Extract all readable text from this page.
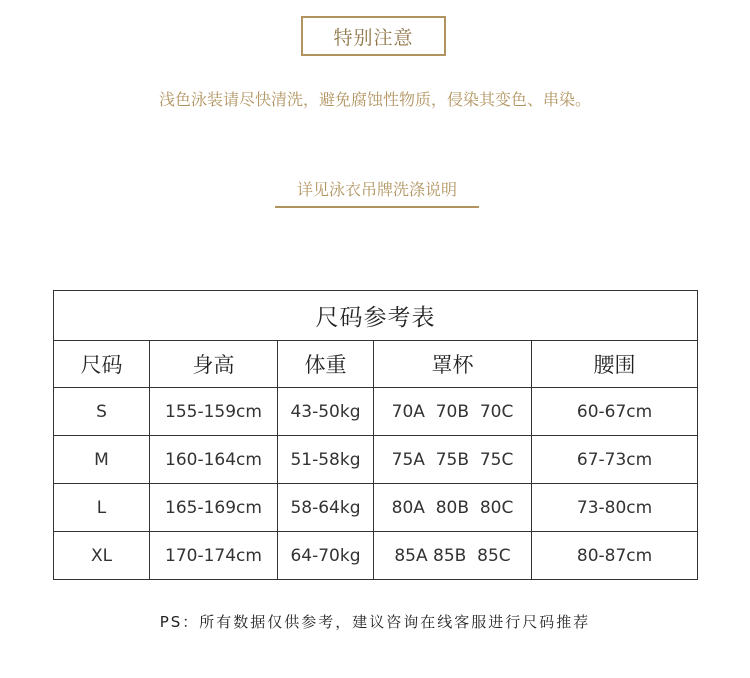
特别注意
浅色泳装请尽快清洗，避免腐蚀性物质，侵染其变色、串染。
详见泳衣吊牌洗涤说明
尺码参考表				
尺码	身高	体重	罩杯	腰围
S	155-159cm	43-50kg	70A  70B  70C	60-67cm
M	160-164cm	51-58kg	75A  75B  75C	67-73cm
L	165-169cm	58-64kg	80A  80B  80C	73-80cm
XL	170-174cm	64-70kg	85A 85B  85C	80-87cm
PS：所有数据仅供参考，建议咨询在线客服进行尺码推荐
